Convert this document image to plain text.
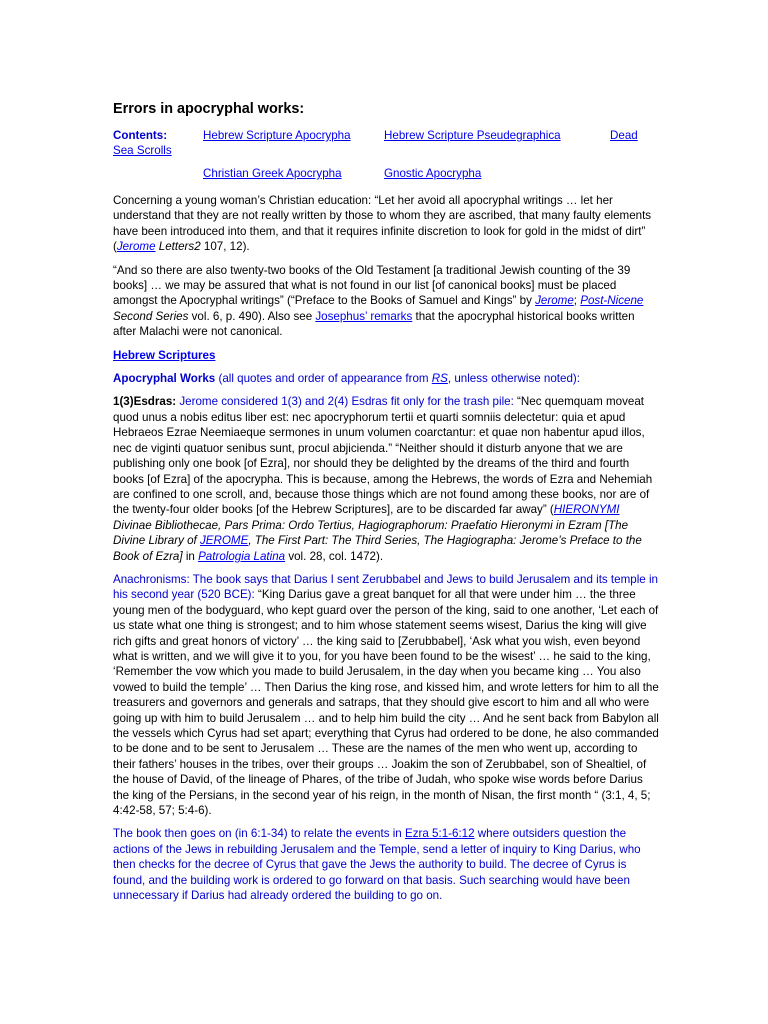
Errors in apocryphal works:
Contents:	Hebrew Scripture Apocrypha	Hebrew Scripture Pseudegraphica	Dead
Sea Scrolls
Christian Greek Apocrypha	Gnostic Apocrypha

Concerning a young woman’s Christian education: “Let her avoid all apocryphal writings … let her understand that they are not really written by those to whom they are ascribed, that many faulty elements have been introduced into them, and that it requires infinite discretion to look for gold in the midst of dirt” (Jerome Letters2 107, 12).

“And so there are also twenty-two books of the Old Testament [a traditional Jewish counting of the 39 books] … we may be assured that what is not found in our list [of canonical books] must be placed amongst the Apocryphal writings” (“Preface to the Books of Samuel and Kings” by Jerome; Post-Nicene Second Series vol. 6, p. 490). Also see Josephus’ remarks that the apocryphal historical books written after Malachi were not canonical.

Hebrew Scriptures

Apocryphal Works (all quotes and order of appearance from RS, unless otherwise noted):

1(3)Esdras: Jerome considered 1(3) and 2(4) Esdras fit only for the trash pile: “Nec quemquam moveat quod unus a nobis editus liber est: nec apocryphorum tertii et quarti somniis delectetur: quia et apud Hebraeos Ezrae Neemiaeque sermones in unum volumen coarctantur: et quae non habentur apud illos, nec de viginti quatuor senibus sunt, procul abjicienda.” “Neither should it disturb anyone that we are publishing only one book [of Ezra], nor should they be delighted by the dreams of the third and fourth books [of Ezra] of the apocrypha. This is because, among the Hebrews, the words of Ezra and Nehemiah are confined to one scroll, and, because those things which are not found among these books, nor are of the twenty-four older books [of the Hebrew Scriptures], are to be discarded far away” (HIERONYMI Divinae Bibliothecae, Pars Prima: Ordo Tertius, Hagiographorum: Praefatio Hieronymi in Ezram [The Divine Library of JEROME, The First Part: The Third Series, The Hagiographa: Jerome’s Preface to the Book of Ezra] in Patrologia Latina vol. 28, col. 1472).

Anachronisms: The book says that Darius I sent Zerubbabel and Jews to build Jerusalem and its temple in his second year (520 BCE): “King Darius gave a great banquet for all that were under him … the three young men of the bodyguard, who kept guard over the person of the king, said to one another, ‘Let each of us state what one thing is strongest; and to him whose statement seems wisest, Darius the king will give rich gifts and great honors of victory’ … the king said to [Zerubbabel], ‘Ask what you wish, even beyond what is written, and we will give it to you, for you have been found to be the wisest’ … he said to the king, ‘Remember the vow which you made to build Jerusalem, in the day when you became king … You also vowed to build the temple’ … Then Darius the king rose, and kissed him, and wrote letters for him to all the treasurers and governors and generals and satraps, that they should give escort to him and all who were going up with him to build Jerusalem … and to help him build the city … And he sent back from Babylon all the vessels which Cyrus had set apart; everything that Cyrus had ordered to be done, he also commanded to be done and to be sent to Jerusalem … These are the names of the men who went up, according to their fathers’ houses in the tribes, over their groups … Joakim the son of Zerubbabel, son of Shealtiel, of the house of David, of the lineage of Phares, of the tribe of Judah, who spoke wise words before Darius the king of the Persians, in the second year of his reign, in the month of Nisan, the first month “ (3:1, 4, 5; 4:42-58, 57; 5:4-6).

The book then goes on (in 6:1-34) to relate the events in Ezra 5:1-6:12 where outsiders question the actions of the Jews in rebuilding Jerusalem and the Temple, send a letter of inquiry to King Darius, who then checks for the decree of Cyrus that gave the Jews the authority to build. The decree of Cyrus is found, and the building work is ordered to go forward on that basis. Such searching would have been unnecessary if Darius had already ordered the building to go on.
